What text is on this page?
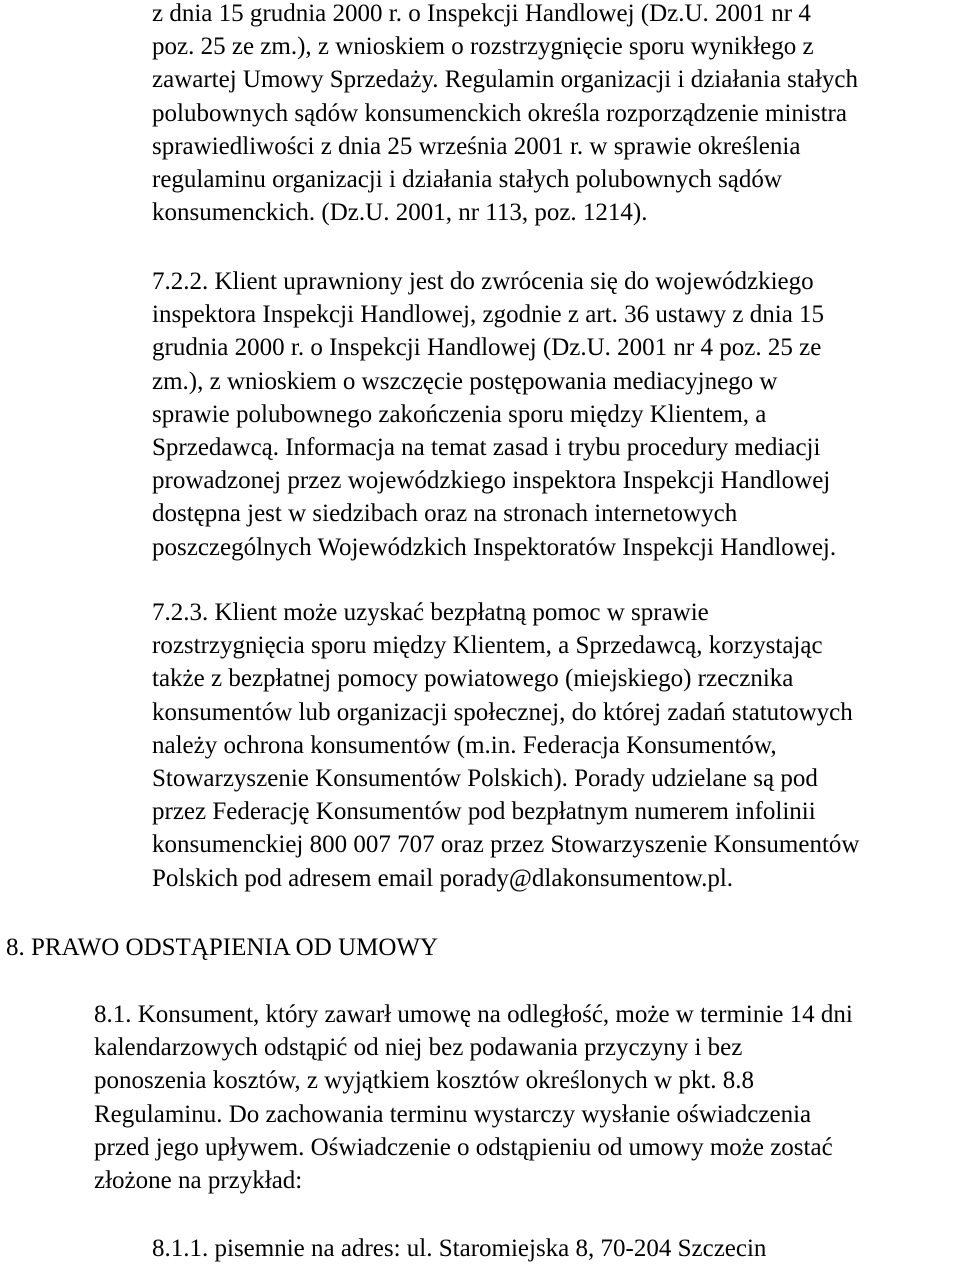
z dnia 15 grudnia 2000 r. o Inspekcji Handlowej (Dz.U. 2001 nr 4
poz. 25 ze zm.), z wnioskiem o rozstrzygnięcie sporu wynikłego z
zawartej Umowy Sprzedaży. Regulamin organizacji i działania stałych
polubownych sądów konsumenckich określa rozporządzenie ministra
sprawiedliwości z dnia 25 września 2001 r. w sprawie określenia
regulaminu organizacji i działania stałych polubownych sądów
konsumenckich. (Dz.U. 2001, nr 113, poz. 1214).
7.2.2. Klient uprawniony jest do zwrócenia się do wojewódzkiego
inspektora Inspekcji Handlowej, zgodnie z art. 36 ustawy z dnia 15
grudnia 2000 r. o Inspekcji Handlowej (Dz.U. 2001 nr 4 poz. 25 ze
zm.), z wnioskiem o wszczęcie postępowania mediacyjnego w
sprawie polubownego zakończenia sporu między Klientem, a
Sprzedawcą. Informacja na temat zasad i trybu procedury mediacji
prowadzonej przez wojewódzkiego inspektora Inspekcji Handlowej
dostępna jest w siedzibach oraz na stronach internetowych
poszczególnych Wojewódzkich Inspektoratów Inspekcji Handlowej.
7.2.3. Klient może uzyskać bezpłatną pomoc w sprawie
rozstrzygnięcia sporu między Klientem, a Sprzedawcą, korzystając
także z bezpłatnej pomocy powiatowego (miejskiego) rzecznika
konsumentów lub organizacji społecznej, do której zadań statutowych
należy ochrona konsumentów (m.in. Federacja Konsumentów,
Stowarzyszenie Konsumentów Polskich). Porady udzielane są pod
przez Federację Konsumentów pod bezpłatnym numerem infolinii
konsumenckiej 800 007 707 oraz przez Stowarzyszenie Konsumentów
Polskich pod adresem email porady@dlakonsumentow.pl.
8. PRAWO ODSTĄPIENIA OD UMOWY
8.1. Konsument, który zawarł umowę na odległość, może w terminie 14 dni
kalendarzowych odstąpić od niej bez podawania przyczyny i bez
ponoszenia kosztów, z wyjątkiem kosztów określonych w pkt. 8.8
Regulaminu. Do zachowania terminu wystarczy wysłanie oświadczenia
przed jego upływem. Oświadczenie o odstąpieniu od umowy może zostać
złożone na przykład:
8.1.1. pisemnie na adres: ul. Staromiejska 8, 70-204 Szczecin
